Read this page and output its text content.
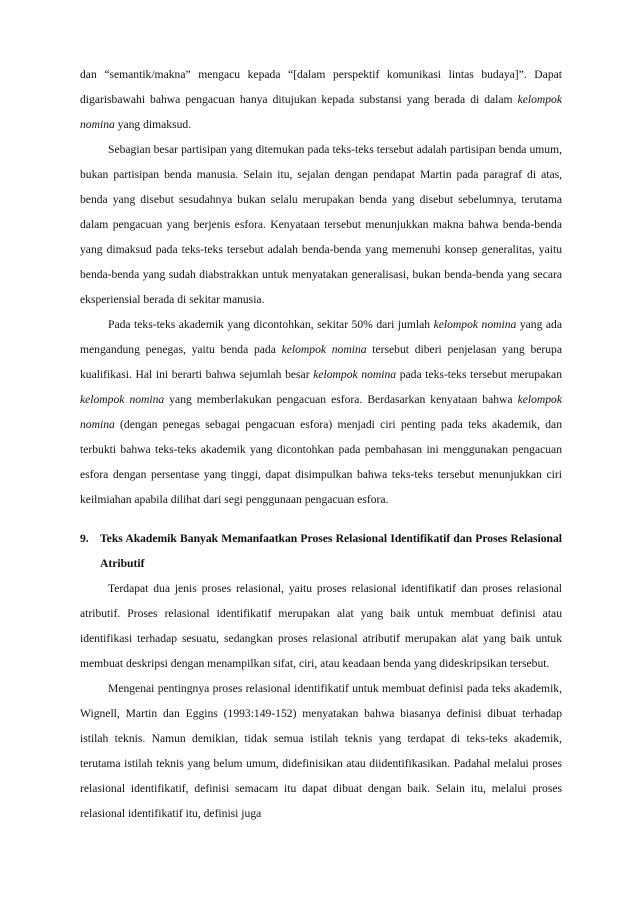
dan “semantik/makna” mengacu kepada “[dalam perspektif komunikasi lintas budaya]”. Dapat digarisbawahi bahwa pengacuan hanya ditujukan kepada substansi yang berada di dalam kelompok nomina yang dimaksud.

Sebagian besar partisipan yang ditemukan pada teks-teks tersebut adalah partisipan benda umum, bukan partisipan benda manusia. Selain itu, sejalan dengan pendapat Martin pada paragraf di atas, benda yang disebut sesudahnya bukan selalu merupakan benda yang disebut sebelumnya, terutama dalam pengacuan yang berjenis esfora. Kenyataan tersebut menunjukkan makna bahwa benda-benda yang dimaksud pada teks-teks tersebut adalah benda-benda yang memenuhi konsep generalitas, yaitu benda-benda yang sudah diabstrakkan untuk menyatakan generalisasi, bukan benda-benda yang secara eksperiensial berada di sekitar manusia.

Pada teks-teks akademik yang dicontohkan, sekitar 50% dari jumlah kelompok nomina yang ada mengandung penegas, yaitu benda pada kelompok nomina tersebut diberi penjelasan yang berupa kualifikasi. Hal ini berarti bahwa sejumlah besar kelompok nomina pada teks-teks tersebut merupakan kelompok nomina yang memberlakukan pengacuan esfora. Berdasarkan kenyataan bahwa kelompok nomina (dengan penegas sebagai pengacuan esfora) menjadi ciri penting pada teks akademik, dan terbukti bahwa teks-teks akademik yang dicontohkan pada pembahasan ini menggunakan pengacuan esfora dengan persentase yang tinggi, dapat disimpulkan bahwa teks-teks tersebut menunjukkan ciri keilmiahan apabila dilihat dari segi penggunaan pengacuan esfora.

9. Teks Akademik Banyak Memanfaatkan Proses Relasional Identifikatif dan Proses Relasional Atributif

Terdapat dua jenis proses relasional, yaitu proses relasional identifikatif dan proses relasional atributif. Proses relasional identifikatif merupakan alat yang baik untuk membuat definisi atau identifikasi terhadap sesuatu, sedangkan proses relasional atributif merupakan alat yang baik untuk membuat deskripsi dengan menampilkan sifat, ciri, atau keadaan benda yang dideskripsikan tersebut.

Mengenai pentingnya proses relasional identifikatif untuk membuat definisi pada teks akademik, Wignell, Martin dan Eggins (1993:149-152) menyatakan bahwa biasanya definisi dibuat terhadap istilah teknis. Namun demikian, tidak semua istilah teknis yang terdapat di teks-teks akademik, terutama istilah teknis yang belum umum, didefinisikan atau diidentifikasikan. Padahal melalui proses relasional identifikatif, definisi semacam itu dapat dibuat dengan baik. Selain itu, melalui proses relasional identifikatif itu, definisi juga
